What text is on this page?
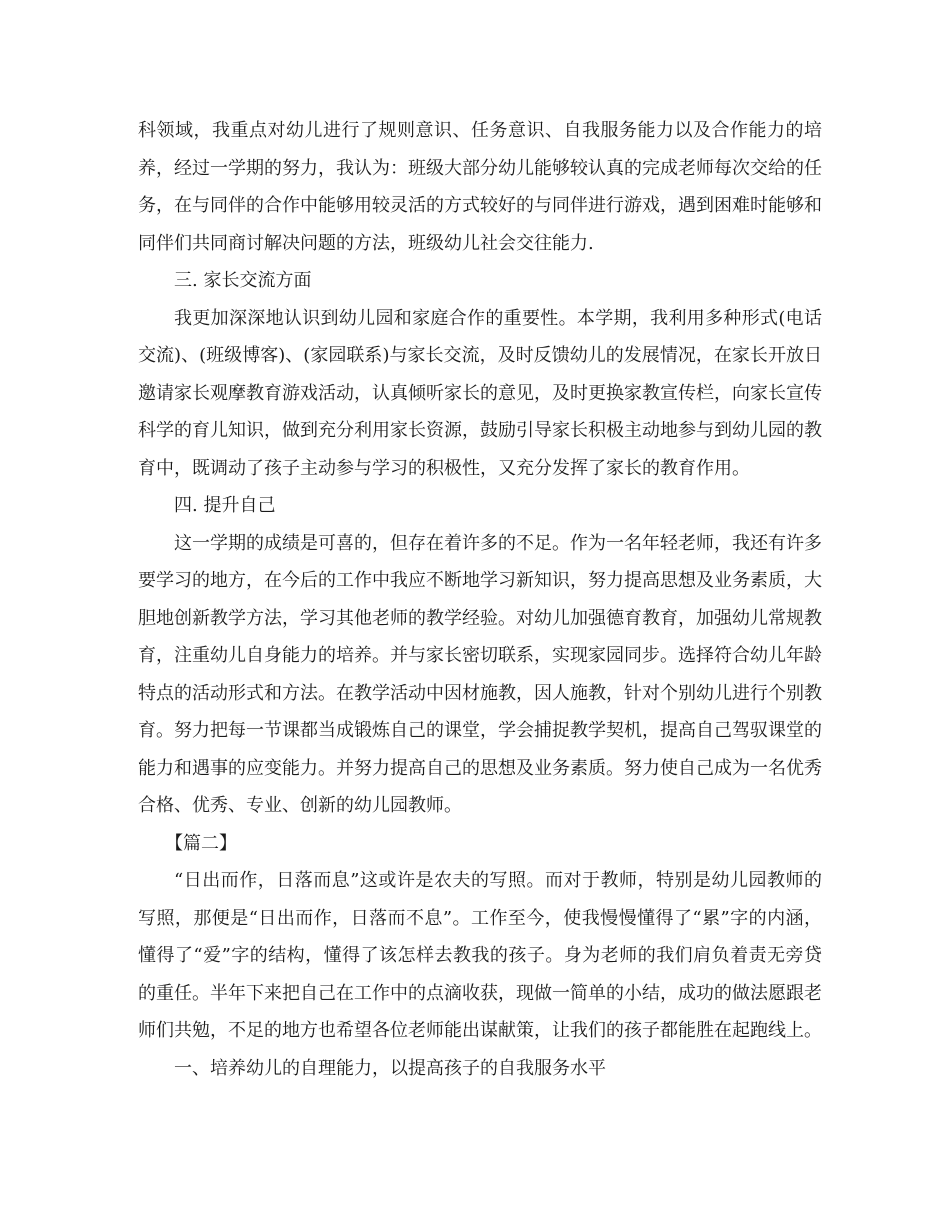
科领域，我重点对幼儿进行了规则意识、任务意识、自我服务能力以及合作能力的培养，经过一学期的努力，我认为：班级大部分幼儿能够较认真的完成老师每次交给的任务，在与同伴的合作中能够用较灵活的方式较好的与同伴进行游戏，遇到困难时能够和同伴们共同商讨解决问题的方法，班级幼儿社会交往能力.

三. 家长交流方面

我更加深深地认识到幼儿园和家庭合作的重要性。本学期，我利用多种形式(电话交流)、(班级博客)、(家园联系)与家长交流，及时反馈幼儿的发展情况，在家长开放日邀请家长观摩教育游戏活动，认真倾听家长的意见，及时更换家教宣传栏，向家长宣传科学的育儿知识，做到充分利用家长资源，鼓励引导家长积极主动地参与到幼儿园的教育中，既调动了孩子主动参与学习的积极性，又充分发挥了家长的教育作用。

四. 提升自己

这一学期的成绩是可喜的，但存在着许多的不足。作为一名年轻老师，我还有许多要学习的地方，在今后的工作中我应不断地学习新知识，努力提高思想及业务素质，大胆地创新教学方法，学习其他老师的教学经验。对幼儿加强德育教育，加强幼儿常规教育，注重幼儿自身能力的培养。并与家长密切联系，实现家园同步。选择符合幼儿年龄特点的活动形式和方法。在教学活动中因材施教，因人施教，针对个别幼儿进行个别教育。努力把每一节课都当成锻炼自己的课堂，学会捕捉教学契机，提高自己驾驭课堂的能力和遇事的应变能力。并努力提高自己的思想及业务素质。努力使自己成为一名优秀合格、优秀、专业、创新的幼儿园教师。

【篇二】

“日出而作，日落而息”这或许是农夫的写照。而对于教师，特别是幼儿园教师的写照，那便是“日出而作，日落而不息”。工作至今，使我慢慢懂得了“累”字的内涵，懂得了“爱”字的结构，懂得了该怎样去教我的孩子。身为老师的我们肩负着责无旁贷的重任。半年下来把自己在工作中的点滴收获，现做一简单的小结，成功的做法愿跟老师们共勉，不足的地方也希望各位老师能出谋献策，让我们的孩子都能胜在起跑线上。

一、培养幼儿的自理能力，以提高孩子的自我服务水平
